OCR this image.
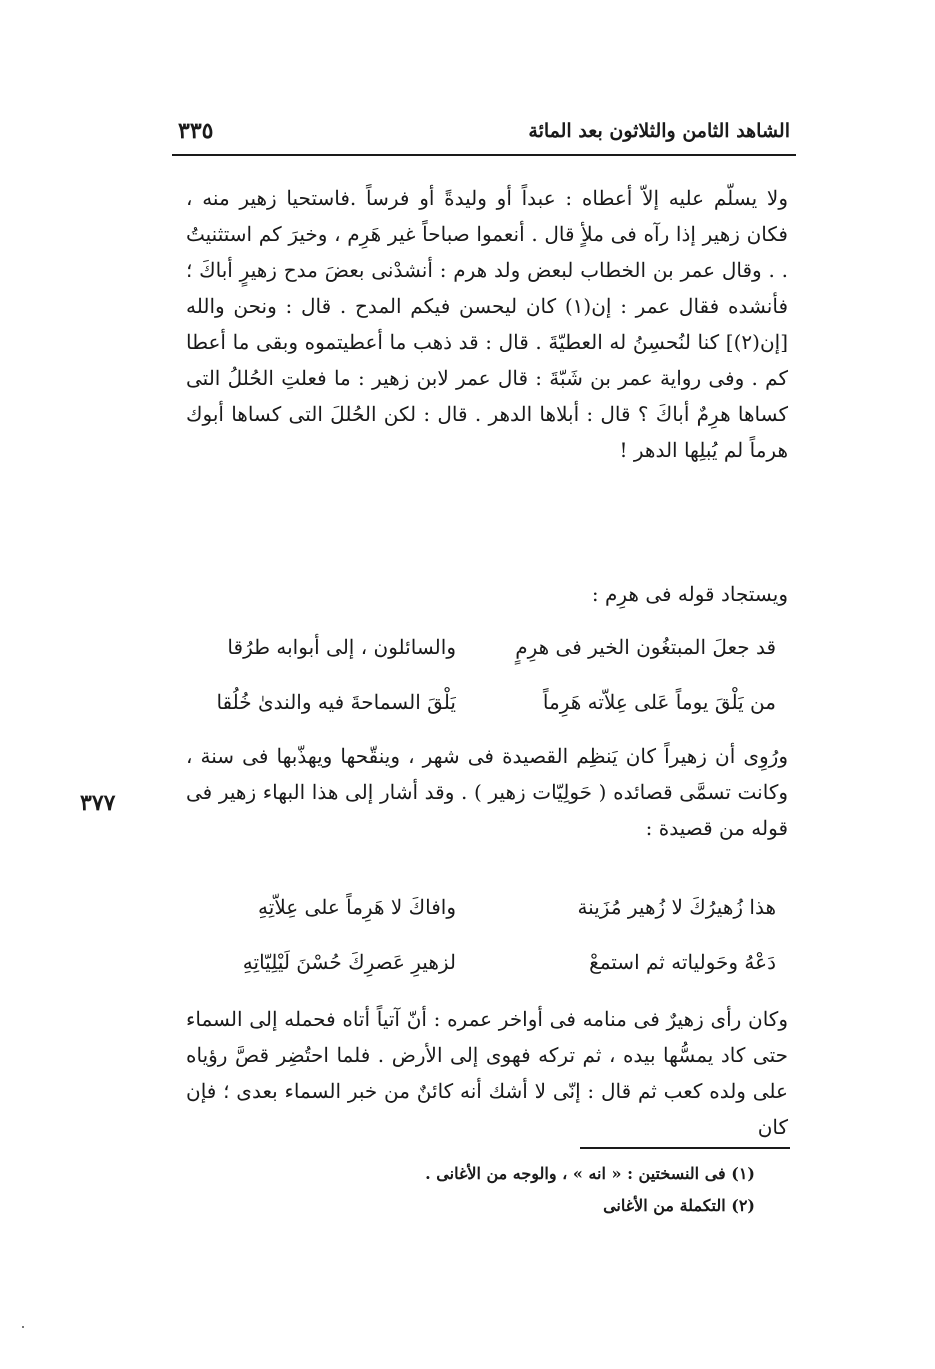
الشاهد الثامن والثلاثون بعد المائة
٣٣٥
ولا يسلّم عليه إلاّ أعطاه : عبداً أو وليدةً أو فرساً .فاستحيا زهير منه ، فكان زهير إذا رآه فى ملأٍ قال . أنعموا صباحاً غير هَرِم ، وخيرَ كم استثنيتُ . . وقال عمر بن الخطاب لبعض ولد هرم : أنشدْنى بعضَ مدح زهيرٍ أباكَ ؛ فأنشده فقال عمر : إن(١) كان ليحسن فيكم المدح . قال : ونحن والله [إن(٢)] كنا لنُحسِنُ له العطيّةَ . قال : قد ذهب ما أعطيتموه وبقى ما أعطا كم . وفى رواية عمر بن شَبّةَ : قال عمر لابن زهير : ما فعلتِ الحُللُ التى كساها هرِمٌ أباكَ ؟ قال : أبلاها الدهر . قال : لكن الحُللَ التى كساها أبوك هرماً لم يُبلِها الدهر !
ويستجاد قوله فى هرِم :
قد جعلَ المبتغُون الخير فى هرِمٍ
والسائلون ، إلى أبوابه طرُقا
من يَلْقَ يوماً عَلى عِلاّته هَرِماً
يَلْقَ السماحةَ فيه والندىٰ خُلُقا
ورُوِى أن زهيراً كان يَنظِم القصيدة فى شهر ، وينقّحها ويهذّبها فى سنة ، وكانت تسمَّى قصائده ( حَولِيّات زهير ) . وقد أشار إلى هذا البهاء زهير فى قوله من قصيدة :
٣٧٧
هذا زُهيرُكَ لا زُهير مُزَينة
وافاكَ لا هَرِماً على عِلاّتِهِ
دَعْهُ وحَولياته ثم استمعْ
لزهيرِ عَصرِكَ حُسْنَ لَيْلِيّاتِهِ
وكان رأى زهيرٌ فى منامه فى أواخر عمره : أنّ آتياً أتاه فحمله إلى السماء حتى كاد يمسُّها بيده ، ثم تركه فهوى إلى الأرض . فلما احتُضِر قصَّ رؤياه على ولده كعب ثم قال : إنّى لا أشك أنه كائنٌ من خبر السماء بعدى ؛ فإن كان
(١) فى النسختين : « انه » ، والوجه من الأغانى .
(٢) التكملة من الأغانى
